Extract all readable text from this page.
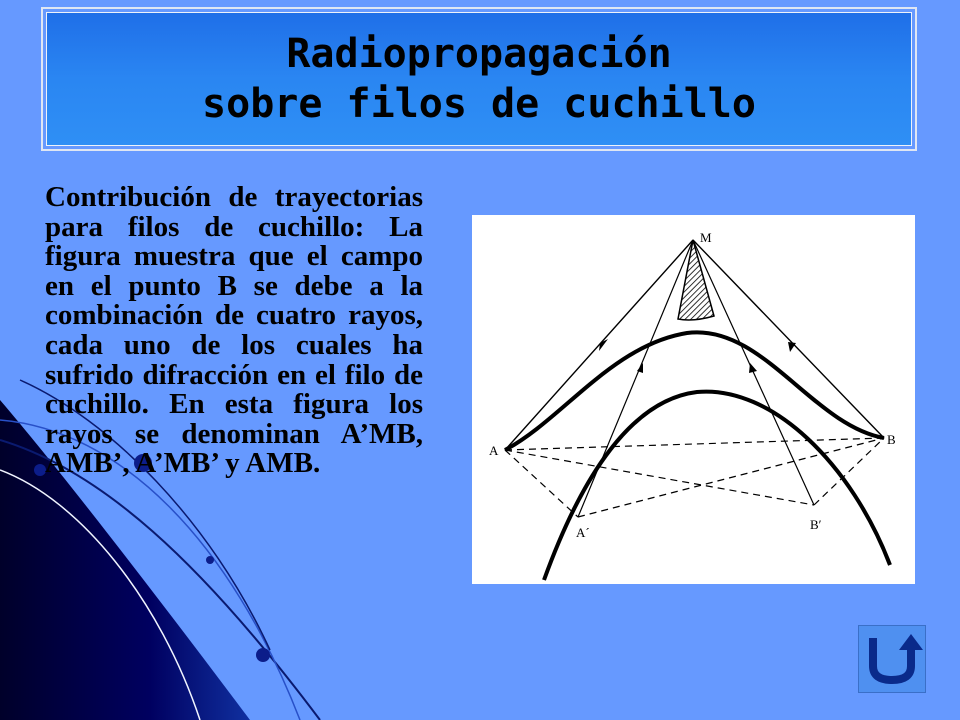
Radiopropagación
sobre filos de cuchillo

Contribución de trayectorias para filos de cuchillo: La figura muestra que el campo en el punto B se debe a la combinación de cuatro rayos, cada uno de los cuales ha sufrido difracción en el filo de cuchillo. En esta figura los rayos se denominan A’MB, AMB’, A’MB’ y AMB.

M
A
B
A´
B′
